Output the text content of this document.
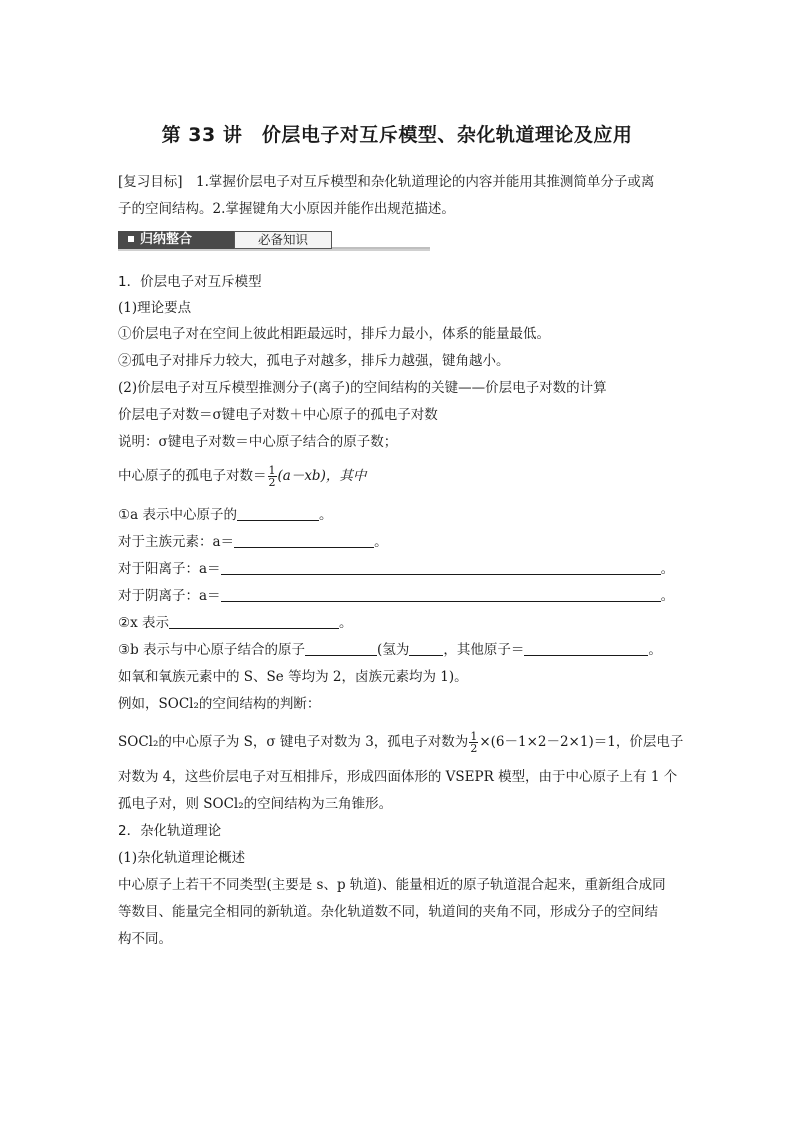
第 33 讲　价层电子对互斥模型、杂化轨道理论及应用
[复习目标]　1.掌握价层电子对互斥模型和杂化轨道理论的内容并能用其推测简单分子或离
子的空间结构。2.掌握键角大小原因并能作出规范描述。
归纳整合	必备知识
1．价层电子对互斥模型
(1)理论要点
①价层电子对在空间上彼此相距最远时，排斥力最小，体系的能量最低。
②孤电子对排斥力较大，孤电子对越多，排斥力越强，键角越小。
(2)价层电子对互斥模型推测分子(离子)的空间结构的关键——价层电子对数的计算
价层电子对数＝σ键电子对数＋中心原子的孤电子对数
说明：σ键电子对数＝中心原子结合的原子数；
中心原子的孤电子对数＝ $\frac{1}{2} (a-xb)$，其中
①a 表示中心原子的	。
对于主族元素：a＝	。
对于阳离子：a＝	。
对于阴离子：a＝	。
②x 表示	。
③b 表示与中心原子结合的原子	(氢为	，其他原子＝	。
如氧和氧族元素中的 S、Se 等均为 2，卤族元素均为 1)。
例如，SOCl₂的空间结构的判断：
SOCl₂的中心原子为 S，σ 键电子对数为 3，孤电子对数为 $\frac{1}{2} \times(6-1\times 2-2\times 1)=1$，价层电子
对数为 4，这些价层电子对互相排斥，形成四面体形的 VSEPR 模型，由于中心原子上有 1 个
孤电子对，则 SOCl₂的空间结构为三角锥形。
2．杂化轨道理论
(1)杂化轨道理论概述
中心原子上若干不同类型(主要是 s、p 轨道)、能量相近的原子轨道混合起来，重新组合成同
等数目、能量完全相同的新轨道。杂化轨道数不同，轨道间的夹角不同，形成分子的空间结
构不同。
